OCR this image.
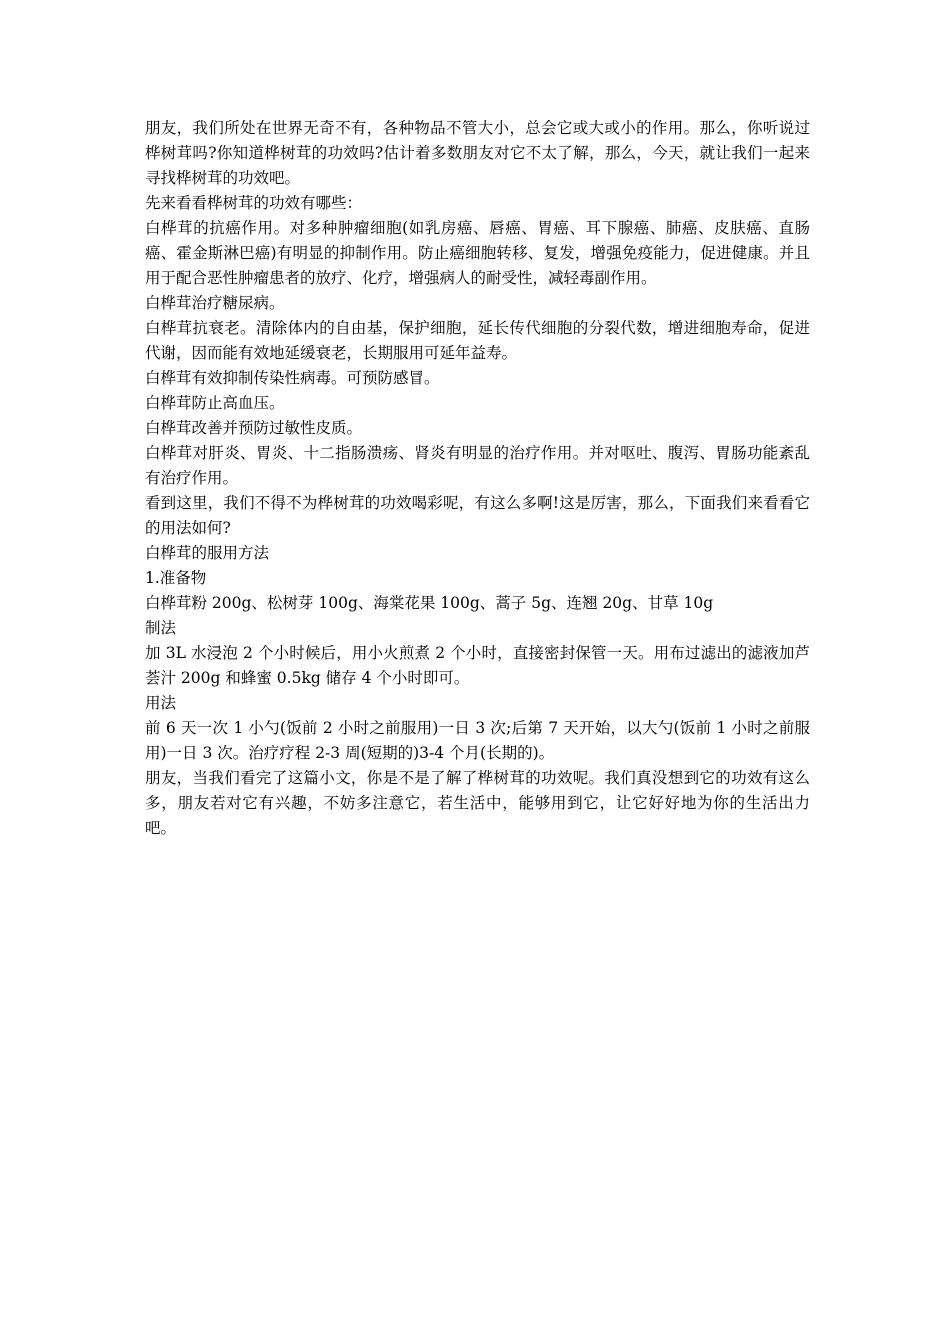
朋友，我们所处在世界无奇不有，各种物品不管大小，总会它或大或小的作用。那么，你听说过桦树茸吗?你知道桦树茸的功效吗?估计着多数朋友对它不太了解，那么，今天，就让我们一起来寻找桦树茸的功效吧。

先来看看桦树茸的功效有哪些：

白桦茸的抗癌作用。对多种肿瘤细胞(如乳房癌、唇癌、胃癌、耳下腺癌、肺癌、皮肤癌、直肠癌、霍金斯淋巴癌)有明显的抑制作用。防止癌细胞转移、复发，增强免疫能力，促进健康。并且用于配合恶性肿瘤患者的放疗、化疗，增强病人的耐受性，减轻毒副作用。

白桦茸治疗糖尿病。

白桦茸抗衰老。清除体内的自由基，保护细胞，延长传代细胞的分裂代数，增进细胞寿命，促进代谢，因而能有效地延缓衰老，长期服用可延年益寿。

白桦茸有效抑制传染性病毒。可预防感冒。

白桦茸防止高血压。

白桦茸改善并预防过敏性皮质。

白桦茸对肝炎、胃炎、十二指肠溃疡、肾炎有明显的治疗作用。并对呕吐、腹泻、胃肠功能紊乱有治疗作用。

看到这里，我们不得不为桦树茸的功效喝彩呢，有这么多啊!这是厉害，那么，下面我们来看看它的用法如何?

白桦茸的服用方法

1.准备物

白桦茸粉 200g、松树芽 100g、海棠花果 100g、蒿子 5g、连翘 20g、甘草 10g

制法

加 3L 水浸泡 2 个小时候后，用小火煎煮 2 个小时，直接密封保管一天。用布过滤出的滤液加芦荟汁 200g 和蜂蜜 0.5kg 储存 4 个小时即可。

用法

前 6 天一次 1 小勺(饭前 2 小时之前服用)一日 3 次;后第 7 天开始，以大勺(饭前 1 小时之前服用)一日 3 次。治疗疗程 2-3 周(短期的)3-4 个月(长期的)。

朋友，当我们看完了这篇小文，你是不是了解了桦树茸的功效呢。我们真没想到它的功效有这么多，朋友若对它有兴趣，不妨多注意它，若生活中，能够用到它，让它好好地为你的生活出力吧。
